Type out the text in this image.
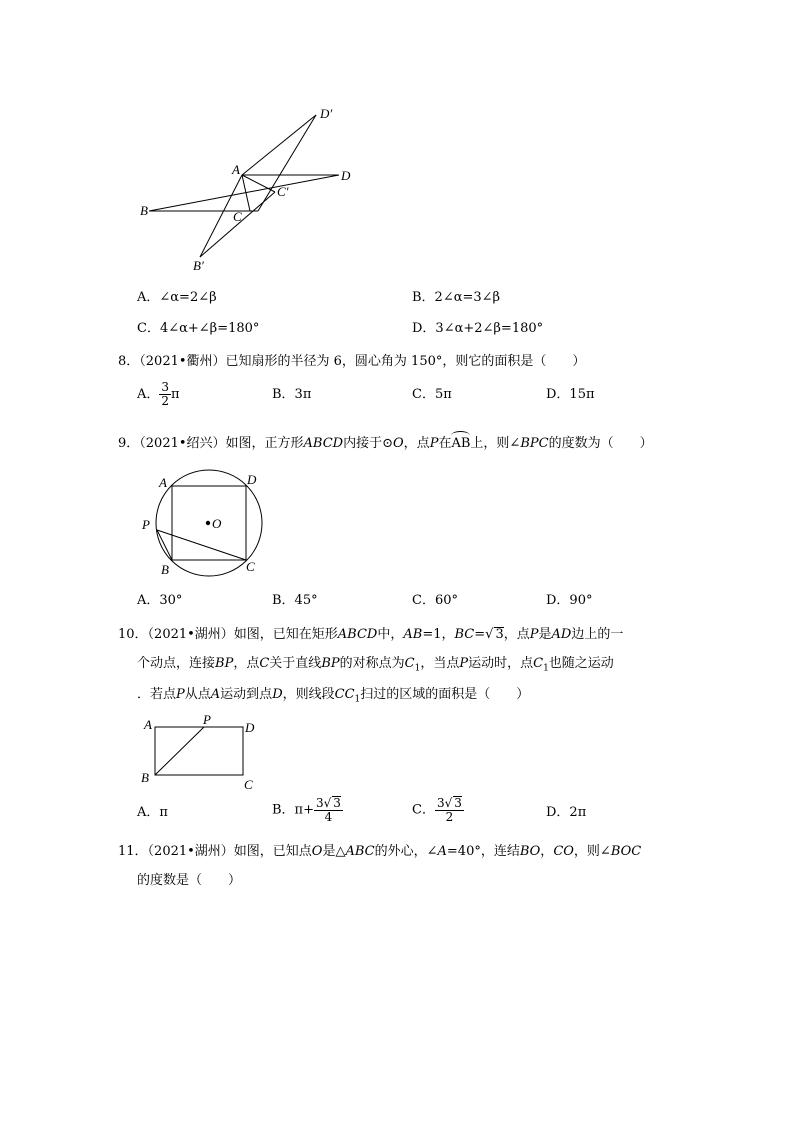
A
B	C
D
B′
C′
D′
A．∠α=2∠β	B．2∠α=3∠β
C．4∠α+∠β=180°	D．3∠α+2∠β=180°
8．（2021•衢州）已知扇形的半径为 6，圆心角为 150°，则它的面积是（　　）
A． $\frac{3}{2}$ π	B．3π	C．5π	D．15π
9．（2021•绍兴）如图，正方形ABCD内接于⊙O，点P在AB上，则∠BPC的度数为（　　）
A	D
P	O
B	C
A．30°	B．45°	C．60°	D．90°
10．（2021•湖州）如图，已知在矩形ABCD中，AB=1，BC=√ 3，点P是AD边上的一
个动点，连接BP，点C关于直线BP的对称点为$C_1$，当点P运动时，点$C_1$也随之运动
．若点P从点A运动到点D，则线段$CC_1$扫过的区域的面积是（　　）
A	P
D
B	C
A．π	B．$\pi+ \frac{3√ 3}{4}$	C． $\frac{3√ 3}{2}$	D．2π
11．（2021•湖州）如图，已知点O是△ABC的外心，∠A=40°，连结BO，CO，则∠BOC
的度数是（　　）
